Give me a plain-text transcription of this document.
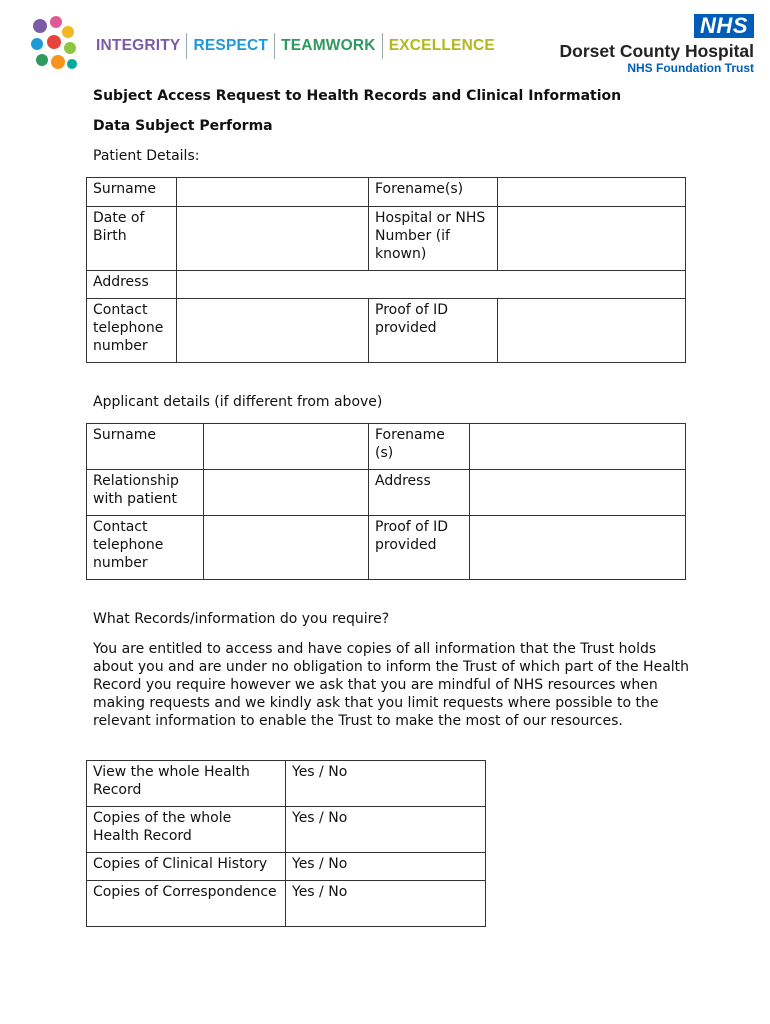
INTEGRITY RESPECT TEAMWORK EXCELLENCE
NHS
Dorset County Hospital
NHS Foundation Trust

Subject Access Request to Health Records and Clinical Information

Data Subject Performa

Patient Details:

Surname		Forename(s)	
Date of Birth		Hospital or NHS Number (if known)	
Address			
Contact telephone number		Proof of ID provided	

Applicant details (if different from above)

Surname		Forename(s)	
Relationship with patient		Address	
Contact telephone number		Proof of ID provided	

What Records/information do you require?

You are entitled to access and have copies of all information that the Trust holds about you and are under no obligation to inform the Trust of which part of the Health Record you require however we ask that you are mindful of NHS resources when making requests and we kindly ask that you limit requests where possible to the relevant information to enable the Trust to make the most of our resources.

View the whole Health Record	Yes / No
Copies of the whole Health Record	Yes / No
Copies of Clinical History	Yes / No
Copies of Correspondence	Yes / No
